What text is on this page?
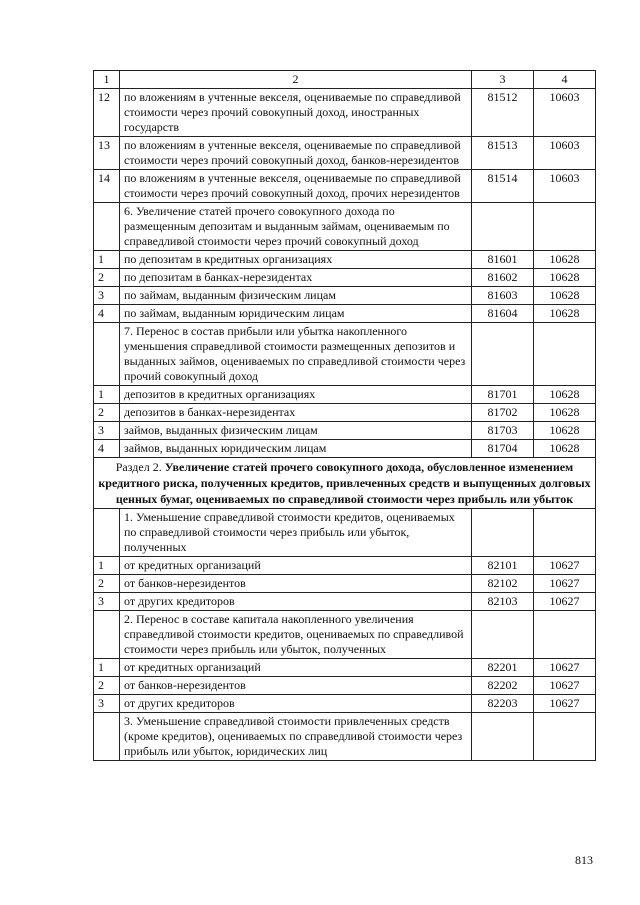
1	2	3	4
12	по вложениям в учтенные векселя, оцениваемые по справедливой стоимости через прочий совокупный доход, иностранных государств	81512	10603
13	по вложениям в учтенные векселя, оцениваемые по справедливой стоимости через прочий совокупный доход, банков-нерезидентов	81513	10603
14	по вложениям в учтенные векселя, оцениваемые по справедливой стоимости через прочий совокупный доход, прочих нерезидентов	81514	10603
	6. Увеличение статей прочего совокупного дохода по размещенным депозитам и выданным займам, оцениваемым по справедливой стоимости через прочий совокупный доход		
1	по депозитам в кредитных организациях	81601	10628
2	по депозитам в банках-нерезидентах	81602	10628
3	по займам, выданным физическим лицам	81603	10628
4	по займам, выданным юридическим лицам	81604	10628
	7. Перенос в состав прибыли или убытка накопленного уменьшения справедливой стоимости размещенных депозитов и выданных займов, оцениваемых по справедливой стоимости через прочий совокупный доход		
1	депозитов в кредитных организациях	81701	10628
2	депозитов в банках-нерезидентах	81702	10628
3	займов, выданных физическим лицам	81703	10628
4	займов, выданных юридическим лицам	81704	10628
Раздел 2. Увеличение статей прочего совокупного дохода, обусловленное изменением кредитного риска, полученных кредитов, привлеченных средств и выпущенных долговых ценных бумаг, оцениваемых по справедливой стоимости через прибыль или убыток			
	1. Уменьшение справедливой стоимости кредитов, оцениваемых по справедливой стоимости через прибыль или убыток, полученных		
1	от кредитных организаций	82101	10627
2	от банков-нерезидентов	82102	10627
3	от других кредиторов	82103	10627
	2. Перенос в составе капитала накопленного увеличения справедливой стоимости кредитов, оцениваемых по справедливой стоимости через прибыль или убыток, полученных		
1	от кредитных организаций	82201	10627
2	от банков-нерезидентов	82202	10627
3	от других кредиторов	82203	10627
	3. Уменьшение справедливой стоимости привлеченных средств (кроме кредитов), оцениваемых по справедливой стоимости через прибыль или убыток, юридических лиц		
813
